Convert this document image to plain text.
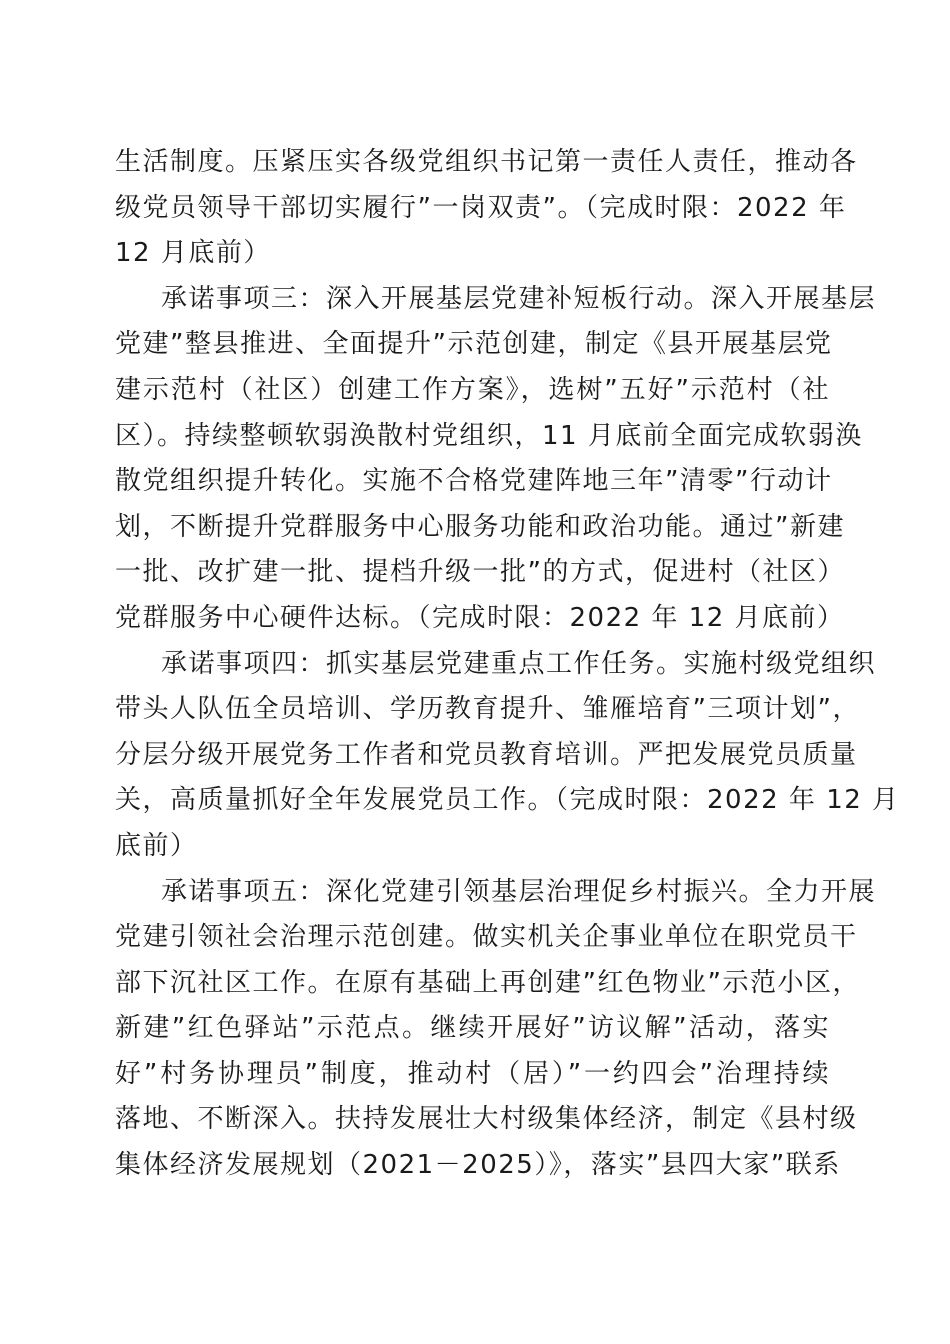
生活制度。压紧压实各级党组织书记第一责任人责任，推动各
级党员领导干部切实履行”一岗双责”。（完成时限：2022 年
12 月底前）
承诺事项三：深入开展基层党建补短板行动。深入开展基层
党建”整县推进、全面提升”示范创建，制定《县开展基层党
建示范村（社区）创建工作方案》，选树”五好”示范村（社
区）。持续整顿软弱涣散村党组织，11 月底前全面完成软弱涣
散党组织提升转化。实施不合格党建阵地三年”清零”行动计
划，不断提升党群服务中心服务功能和政治功能。通过”新建
一批、改扩建一批、提档升级一批”的方式，促进村（社区）
党群服务中心硬件达标。（完成时限：2022 年 12 月底前）
承诺事项四：抓实基层党建重点工作任务。实施村级党组织
带头人队伍全员培训、学历教育提升、雏雁培育”三项计划”，
分层分级开展党务工作者和党员教育培训。严把发展党员质量
关，高质量抓好全年发展党员工作。（完成时限：2022 年 12 月
底前）
承诺事项五：深化党建引领基层治理促乡村振兴。全力开展
党建引领社会治理示范创建。做实机关企事业单位在职党员干
部下沉社区工作。在原有基础上再创建”红色物业”示范小区，
新建”红色驿站”示范点。继续开展好”访议解”活动，落实
好”村务协理员”制度，推动村（居）”一约四会”治理持续
落地、不断深入。扶持发展壮大村级集体经济，制定《县村级
集体经济发展规划（2021－2025）》，落实”县四大家”联系
